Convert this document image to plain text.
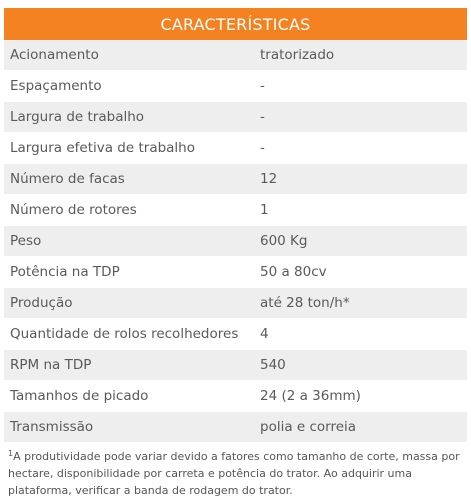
CARACTERÍSTICAS
Acionamento	tratorizado
Espaçamento	-
Largura de trabalho	-
Largura efetiva de trabalho	-
Número de facas	12
Número de rotores	1
Peso	600 Kg
Potência na TDP	50 a 80cv
Produção	até 28 ton/h*
Quantidade de rolos recolhedores	4
RPM na TDP	540
Tamanhos de picado	24 (2 a 36mm)
Transmissão	polia e correia
$^1$A produtividade pode variar devido a fatores como tamanho de corte, massa por hectare, disponibilidade por carreta e potência do trator. Ao adquirir uma plataforma, verificar a banda de rodagem do trator.
